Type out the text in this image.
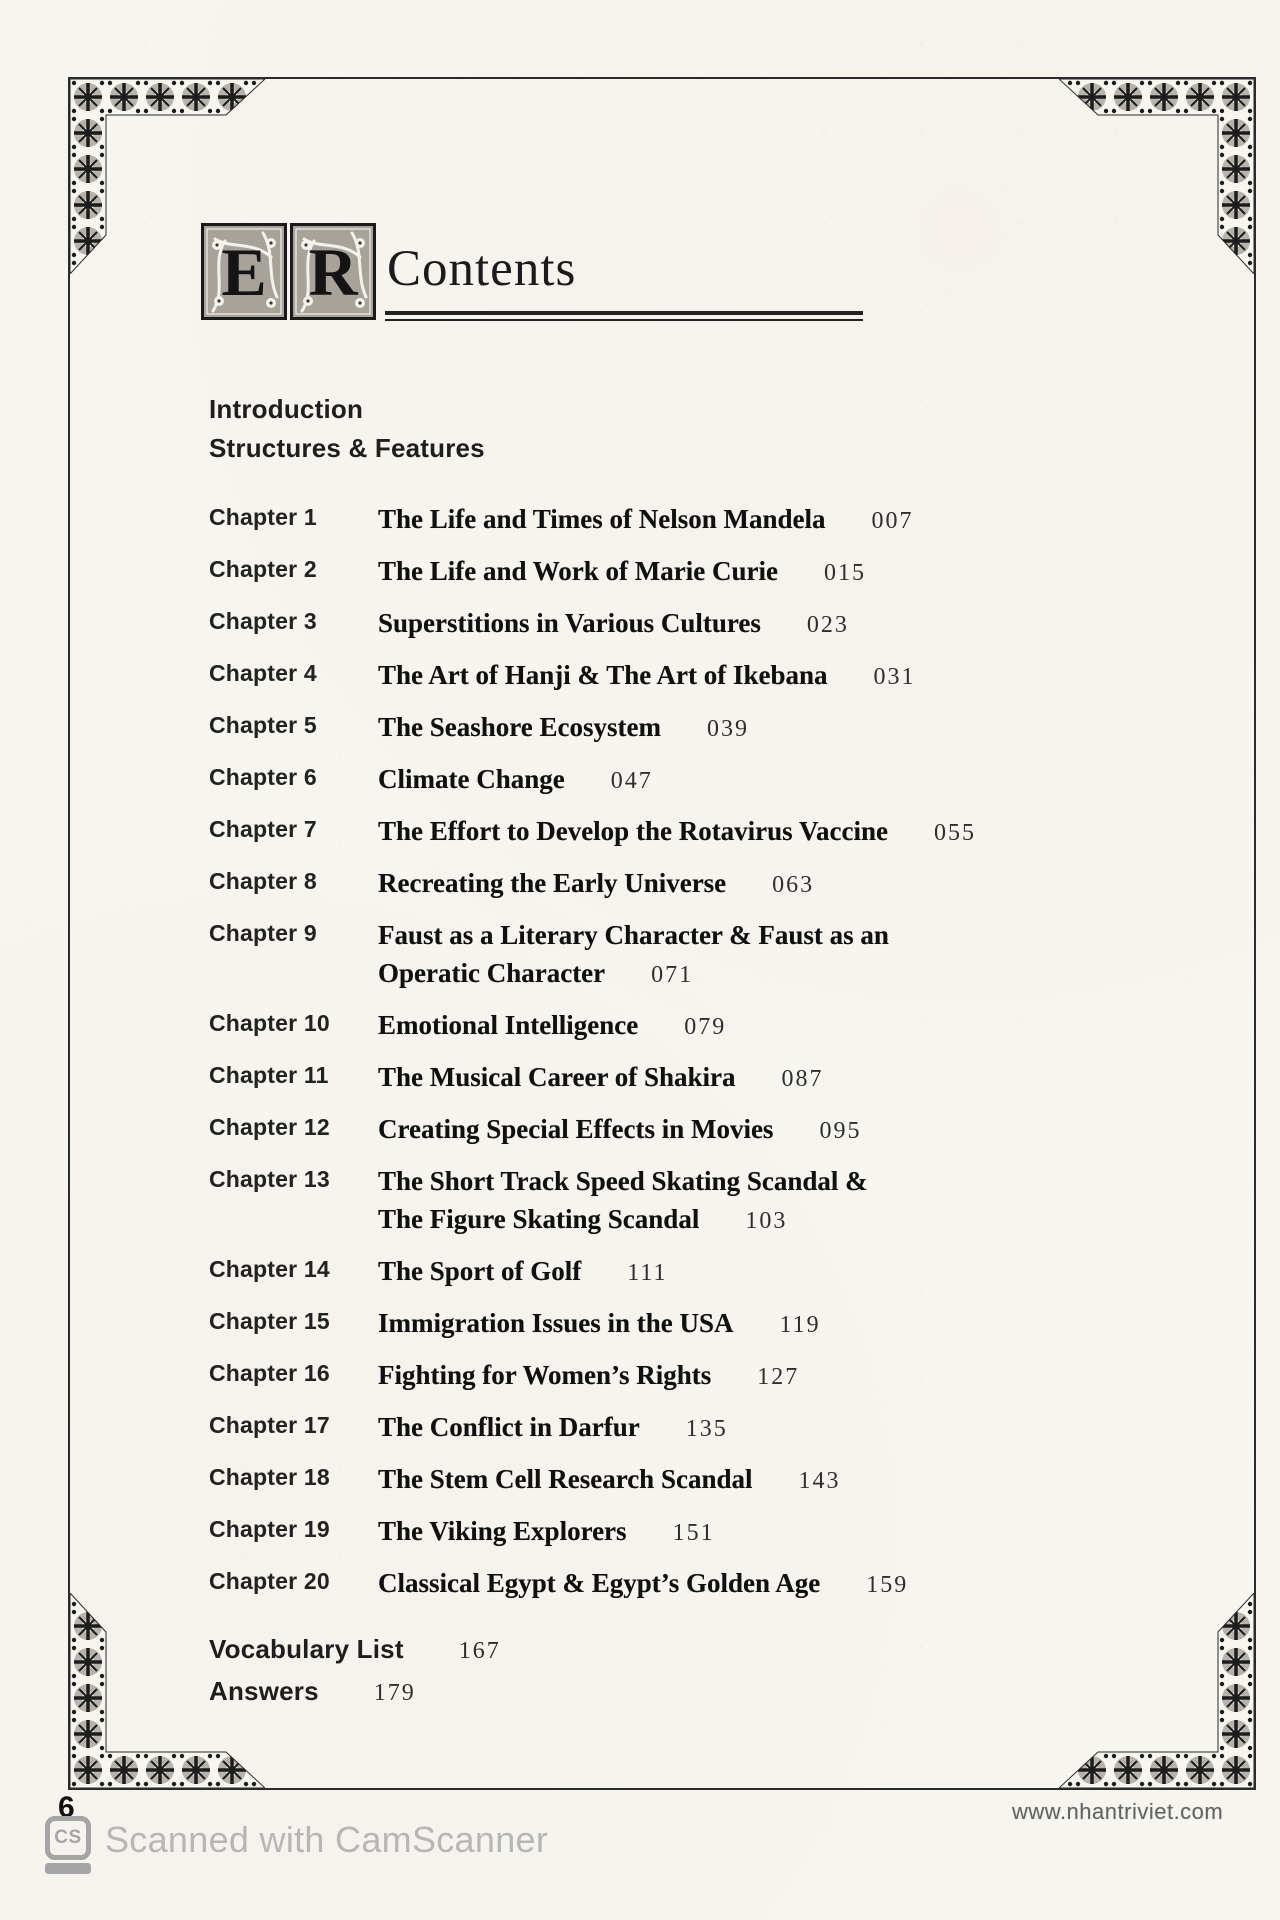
E R Contents
Introduction
Structures & Features
Chapter 1	The Life and Times of Nelson Mandela 007
Chapter 2	The Life and Work of Marie Curie 015
Chapter 3	Superstitions in Various Cultures 023
Chapter 4	The Art of Hanji & The Art of Ikebana 031
Chapter 5	The Seashore Ecosystem 039
Chapter 6	Climate Change 047
Chapter 7	The Effort to Develop the Rotavirus Vaccine 055
Chapter 8	Recreating the Early Universe 063
Chapter 9	Faust as a Literary Character & Faust as an
Operatic Character 071
Chapter 10	Emotional Intelligence 079
Chapter 11	The Musical Career of Shakira 087
Chapter 12	Creating Special Effects in Movies 095
Chapter 13	The Short Track Speed Skating Scandal &
The Figure Skating Scandal 103
Chapter 14	The Sport of Golf 111
Chapter 15	Immigration Issues in the USA 119
Chapter 16	Fighting for Women’s Rights 127
Chapter 17	The Conflict in Darfur 135
Chapter 18	The Stem Cell Research Scandal 143
Chapter 19	The Viking Explorers 151
Chapter 20	Classical Egypt & Egypt’s Golden Age 159
Vocabulary List 167
Answers 179
6	www.nhantriviet.com
CS Scanned with CamScanner
